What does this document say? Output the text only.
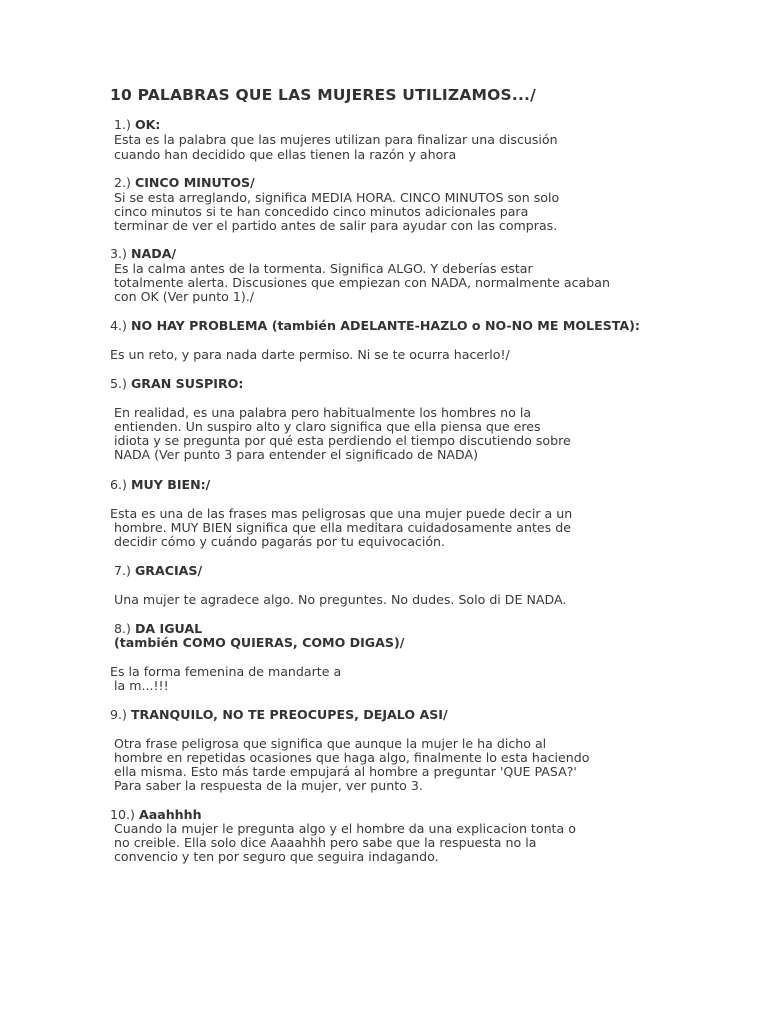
10 PALABRAS QUE LAS MUJERES UTILIZAMOS.../
1.) OK:
Esta es la palabra que las mujeres utilizan para finalizar una discusión
cuando han decidido que ellas tienen la razón y ahora
2.) CINCO MINUTOS/
Si se esta arreglando, significa MEDIA HORA. CINCO MINUTOS son solo
cinco minutos si te han concedido cinco minutos adicionales para
terminar de ver el partido antes de salir para ayudar con las compras.
3.) NADA/
Es la calma antes de la tormenta. Significa ALGO. Y deberías estar
totalmente alerta. Discusiones que empiezan con NADA, normalmente acaban
con OK (Ver punto 1)./
4.) NO HAY PROBLEMA (también ADELANTE-HAZLO o NO-NO ME MOLESTA):
Es un reto, y para nada darte permiso. Ni se te ocurra hacerlo!/
5.) GRAN SUSPIRO:
En realidad, es una palabra pero habitualmente los hombres no la
entienden. Un suspiro alto y claro significa que ella piensa que eres
idiota y se pregunta por qué esta perdiendo el tiempo discutiendo sobre
NADA (Ver punto 3 para entender el significado de NADA)
6.) MUY BIEN:/
Esta es una de las frases mas peligrosas que una mujer puede decir a un
hombre. MUY BIEN significa que ella meditara cuidadosamente antes de
decidir cómo y cuándo pagarás por tu equivocación.
7.) GRACIAS/
Una mujer te agradece algo. No preguntes. No dudes. Solo di DE NADA.
8.) DA IGUAL
(también COMO QUIERAS, COMO DIGAS)/
Es la forma femenina de mandarte a
la m...!!!
9.) TRANQUILO, NO TE PREOCUPES, DEJALO ASI/
Otra frase peligrosa que significa que aunque la mujer le ha dicho al
hombre en repetidas ocasiones que haga algo, finalmente lo esta haciendo
ella misma. Esto más tarde empujará al hombre a preguntar 'QUE PASA?'
Para saber la respuesta de la mujer, ver punto 3.
10.) Aaahhhh
Cuando la mujer le pregunta algo y el hombre da una explicacion tonta o
no creible. Ella solo dice Aaaahhh pero sabe que la respuesta no la
convencio y ten por seguro que seguira indagando.
